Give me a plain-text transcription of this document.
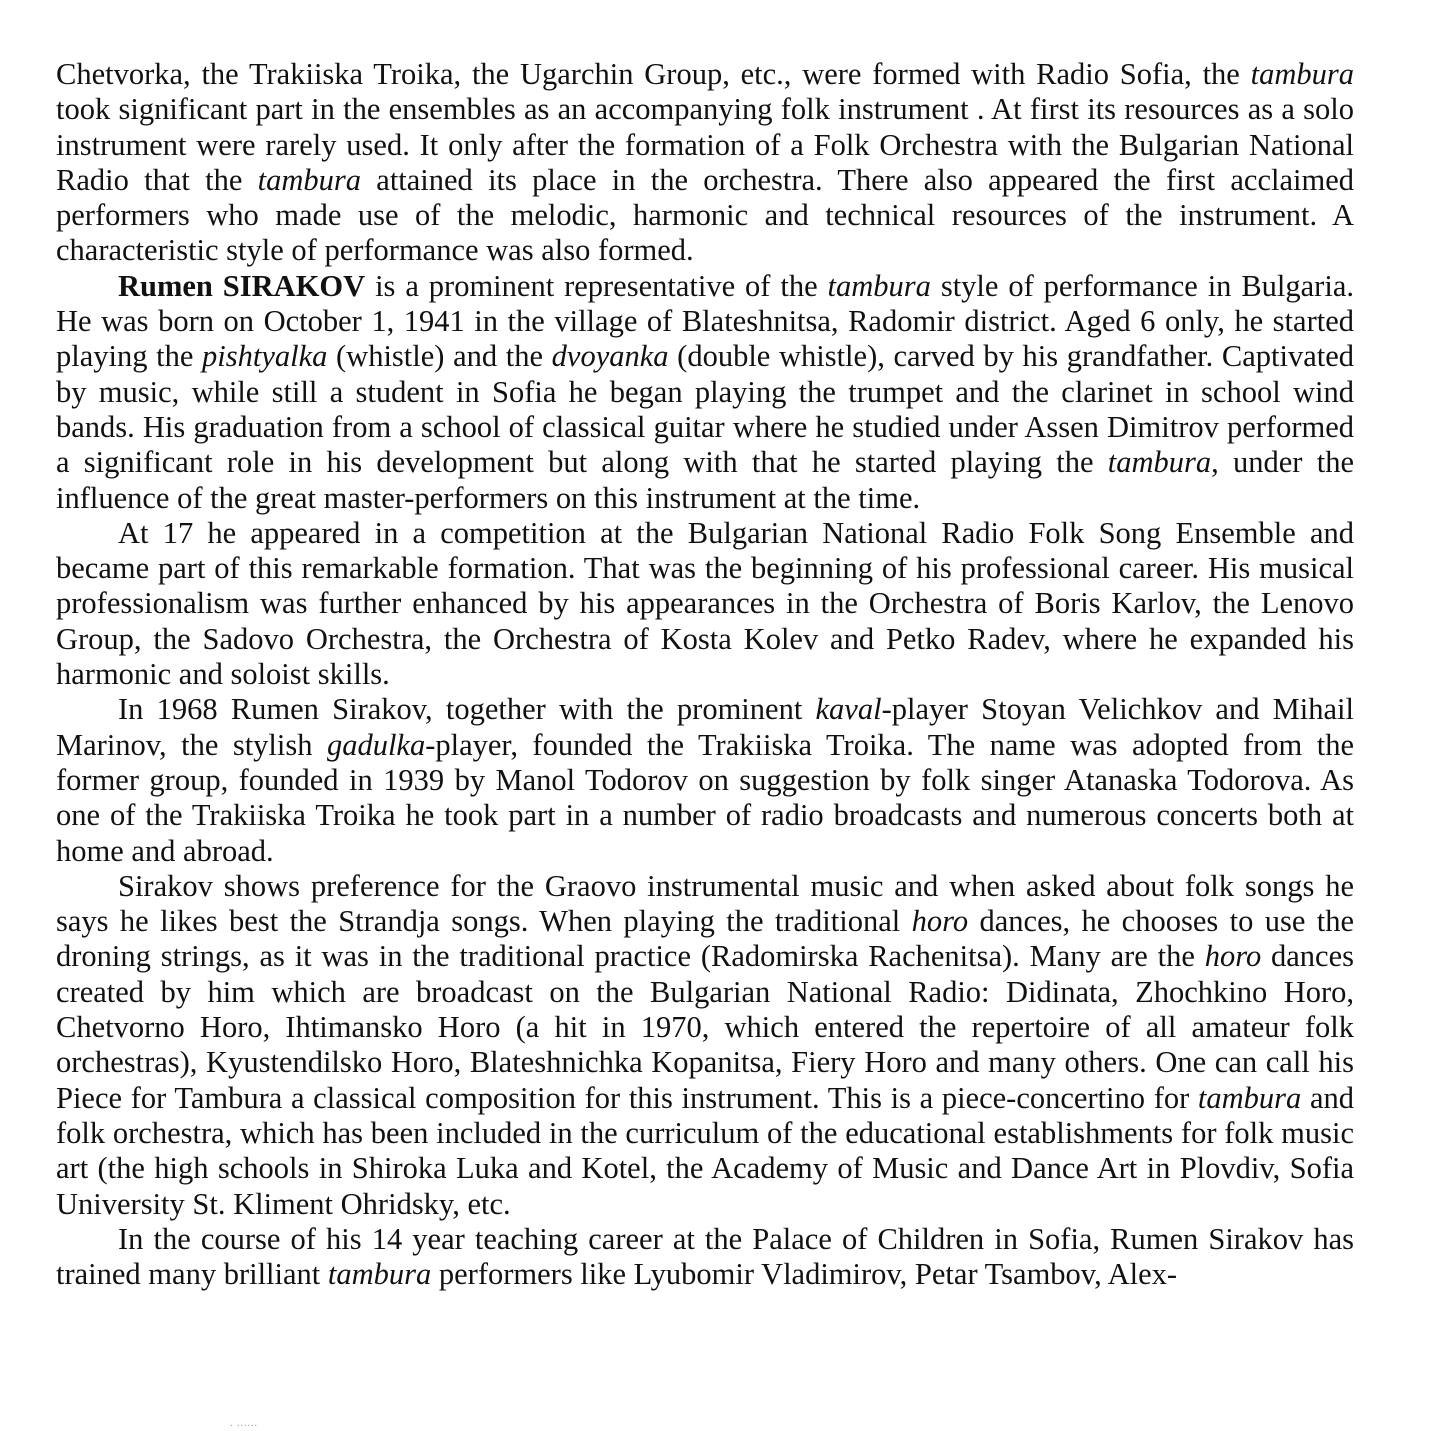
Chetvorka, the Trakiiska Troika, the Ugarchin Group, etc., were formed with Radio Sofia, the tambura took significant part in the ensembles as an accompanying folk instrument . At first its resources as a solo instrument were rarely used. It only after the formation of a Folk Orchestra with the Bulgarian National Radio that the tambura attained its place in the orchestra. There also appeared the first acclaimed performers who made use of the melodic, harmonic and technical resources of the instrument. A characteristic style of performance was also formed.

Rumen SIRAKOV is a prominent representative of the tambura style of performance in Bulgaria. He was born on October 1, 1941 in the village of Blateshnitsa, Radomir district. Aged 6 only, he started playing the pishtyalka (whistle) and the dvoyanka (double whistle), carved by his grandfather. Captivated by music, while still a student in Sofia he began playing the trumpet and the clarinet in school wind bands. His graduation from a school of classical guitar where he studied under Assen Dimitrov performed a significant role in his development but along with that he started playing the tambura, under the influence of the great master-performers on this instrument at the time.

At 17 he appeared in a competition at the Bulgarian National Radio Folk Song Ensemble and became part of this remarkable formation. That was the beginning of his professional career. His musical professionalism was further enhanced by his appearances in the Orchestra of Boris Karlov, the Lenovo Group, the Sadovo Orchestra, the Orchestra of Kosta Kolev and Petko Radev, where he expanded his harmonic and soloist skills.

In 1968 Rumen Sirakov, together with the prominent kaval-player Stoyan Velichkov and Mihail Marinov, the stylish gadulka-player, founded the Trakiiska Troika. The name was adopted from the former group, founded in 1939 by Manol Todorov on suggestion by folk singer Atanaska Todorova. As one of the Trakiiska Troika he took part in a number of radio broadcasts and numerous concerts both at home and abroad.

Sirakov shows preference for the Graovo instrumental music and when asked about folk songs he says he likes best the Strandja songs. When playing the traditional horo dances, he chooses to use the droning strings, as it was in the traditional practice (Radomirska Rachenitsa). Many are the horo dances created by him which are broadcast on the Bulgarian National Radio: Didinata, Zhochkino Horo, Chetvorno Horo, Ihtimansko Horo (a hit in 1970, which entered the repertoire of all amateur folk orchestras), Kyustendilsko Horo, Blateshnichka Kopanitsa, Fiery Horo and many others. One can call his Piece for Tambura a classical composition for this instrument. This is a piece-concertino for tambura and folk orchestra, which has been included in the curriculum of the educational establishments for folk music art (the high schools in Shiroka Luka and Kotel, the Academy of Music and Dance Art in Plovdiv, Sofia University St. Kliment Ohridsky, etc.

In the course of his 14 year teaching career at the Palace of Children in Sofia, Rumen Sirakov has trained many brilliant tambura performers like Lyubomir Vladimirov, Petar Tsambov, Alex-

. ......
